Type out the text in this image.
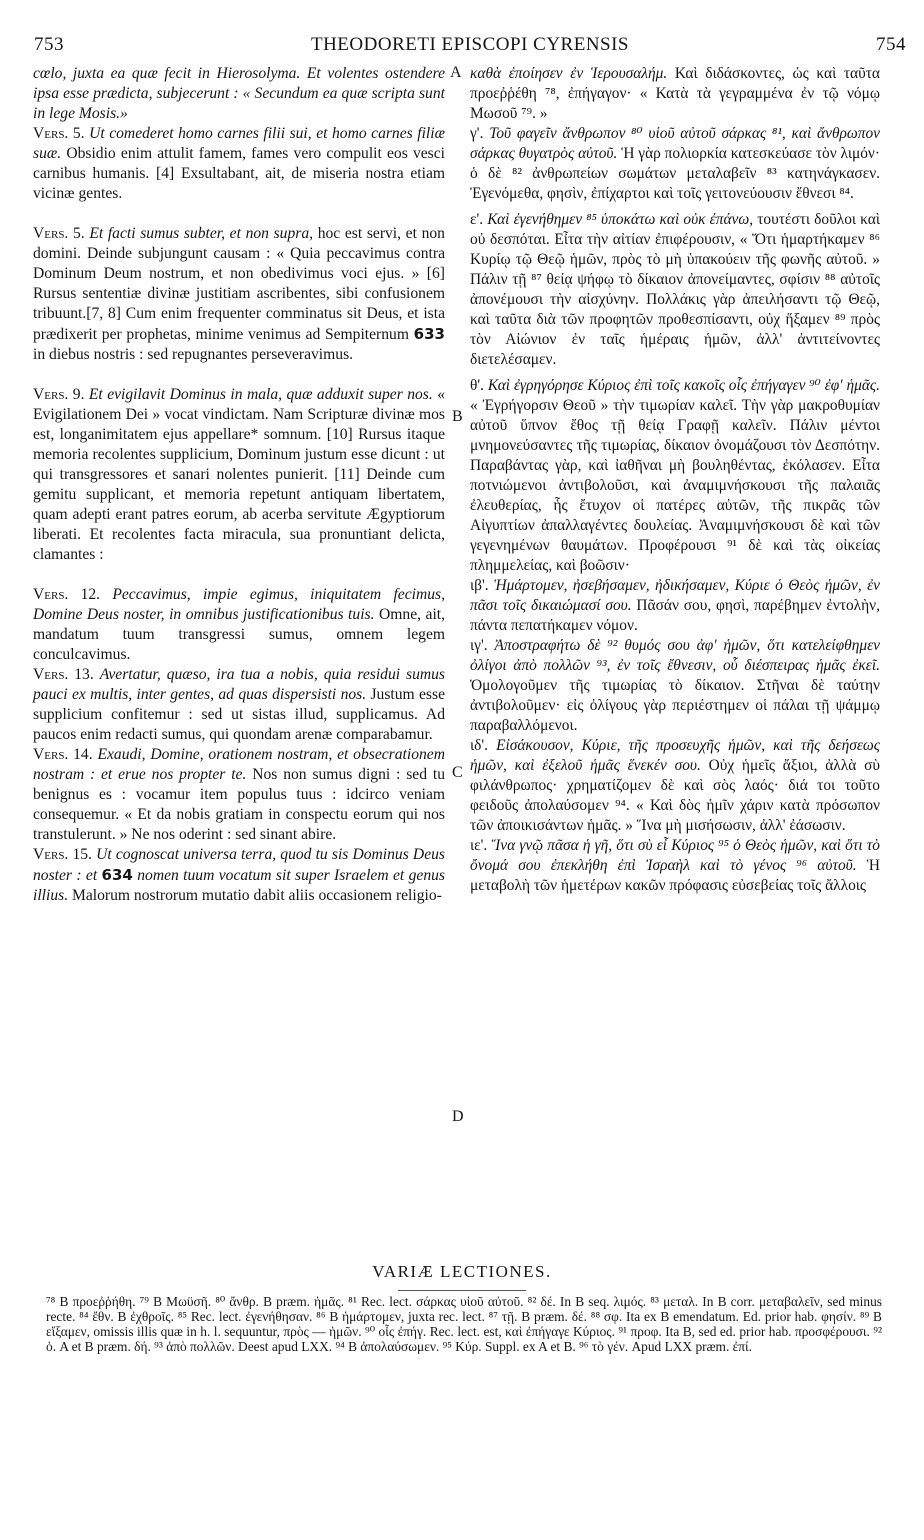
753	THEODORETI EPISCOPI CYRENSIS	754
A
B
C
D

cœlo, juxta ea quæ fecit in Hierosolyma. Et volentes ostendere ipsa esse prædicta, subjecerunt : « Secundum ea quæ scripta sunt in lege Mosis.»

Vers. 5. Ut comederet homo carnes filii sui, et homo carnes filiæ suæ. Obsidio enim attulit famem, fames vero compulit eos vesci carnibus humanis. [4] Exsultabant, ait, de miseria nostra etiam vicinæ gentes.

Vers. 5. Et facti sumus subter, et non supra, hoc est servi, et non domini. Deinde subjungunt causam : « Quia peccavimus contra Dominum Deum nostrum, et non obedivimus voci ejus. » [6] Rursus sententiæ divinæ justitiam ascribentes, sibi confusionem tribuunt.[7, 8] Cum enim frequenter comminatus sit Deus, et ista prædixerit per prophetas, minime venimus ad Sempiternum 633 in diebus nostris : sed repugnantes perseveravimus.

Vers. 9. Et evigilavit Dominus in mala, quæ adduxit super nos. « Evigilationem Dei » vocat vindictam. Nam Scripturæ divinæ mos est, longanimitatem ejus appellare* somnum. [10] Rursus itaque memoria recolentes supplicium, Dominum justum esse dicunt : ut qui transgressores et sanari nolentes punierit. [11] Deinde cum gemitu supplicant, et memoria repetunt antiquam libertatem, quam adepti erant patres eorum, ab acerba servitute Ægyptiorum liberati. Et recolentes facta miracula, sua pronuntiant delicta, clamantes :

Vers. 12. Peccavimus, impie egimus, iniquitatem fecimus, Domine Deus noster, in omnibus justificationibus tuis. Omne, ait, mandatum tuum transgressi sumus, omnem legem conculcavimus.

Vers. 13. Avertatur, quæso, ira tua a nobis, quia residui sumus pauci ex multis, inter gentes, ad quas dispersisti nos. Justum esse supplicium confitemur : sed ut sistas illud, supplicamus. Ad paucos enim redacti sumus, qui quondam arenæ comparabamur.

Vers. 14. Exaudi, Domine, orationem nostram, et obsecrationem nostram : et erue nos propter te. Nos non sumus digni : sed tu benignus es : vocamur item populus tuus : idcirco veniam consequemur. « Et da nobis gratiam in conspectu eorum qui nos transtulerunt. » Ne nos oderint : sed sinant abire.

Vers. 15. Ut cognoscat universa terra, quod tu sis Dominus Deus noster : et 634 nomen tuum vocatum sit super Israelem et genus illius. Malorum nostrorum mutatio dabit aliis occasionem religio-

καθὰ ἐποίησεν ἐν Ἱερουσαλήμ. Καὶ διδάσκοντες, ὡς καὶ ταῦτα προεῤῥέθη ⁷⁸, ἐπήγαγον· « Κατὰ τὰ γεγραμμένα ἐν τῷ νόμῳ Μωσοῦ ⁷⁹. »

γ'. Τοῦ φαγεῖν ἄνθρωπον ⁸⁰ υἱοῦ αὐτοῦ σάρκας ⁸¹, καὶ ἄνθρωπον σάρκας θυγατρὸς αὐτοῦ. Ἡ γὰρ πολιορκία κατεσκεύασε τὸν λιμόν· ὁ δὲ ⁸² ἀνθρωπείων σωμάτων μεταλαβεῖν ⁸³ κατηνάγκασεν. Ἐγενόμεθα, φησὶν, ἐπίχαρτοι καὶ τοῖς γειτονεύουσιν ἔθνεσι ⁸⁴.

ε'. Καὶ ἐγενήθημεν ⁸⁵ ὑποκάτω καὶ οὐκ ἐπάνω, τουτέστι δοῦλοι καὶ οὐ δεσπόται. Εἶτα τὴν αἰτίαν ἐπιφέρουσιν, « Ὅτι ἡμαρτήκαμεν ⁸⁶ Κυρίῳ τῷ Θεῷ ἡμῶν, πρὸς τὸ μὴ ὑπακούειν τῆς φωνῆς αὐτοῦ. » Πάλιν τῇ ⁸⁷ θείᾳ ψήφῳ τὸ δίκαιον ἀπονείμαντες, σφίσιν ⁸⁸ αὐτοῖς ἀπονέμουσι τὴν αἰσχύνην. Πολλάκις γὰρ ἀπειλήσαντι τῷ Θεῷ, καὶ ταῦτα διὰ τῶν προφητῶν προθεσπίσαντι, οὐχ ἥξαμεν ⁸⁹ πρὸς τὸν Αἰώνιον ἐν ταῖς ἡμέραις ἡμῶν, ἀλλ' ἀντιτείνοντες διετελέσαμεν.

θ'. Καὶ ἐγρηγόρησε Κύριος ἐπὶ τοῖς κακοῖς οἷς ἐπήγαγεν ⁹⁰ ἐφ' ἡμᾶς. « Ἐγρήγορσιν Θεοῦ » τὴν τιμωρίαν καλεῖ. Τὴν γὰρ μακροθυμίαν αὐτοῦ ὕπνον ἔθος τῇ θείᾳ Γραφῇ καλεῖν. Πάλιν μέντοι μνημονεύσαντες τῆς τιμωρίας, δίκαιον ὀνομάζουσι τὸν Δεσπότην. Παραβάντας γὰρ, καὶ ἰαθῆναι μὴ βουληθέντας, ἐκόλασεν. Εἶτα ποτνιώμενοι ἀντιβολοῦσι, καὶ ἀναμιμνήσκουσι τῆς παλαιᾶς ἐλευθερίας, ἧς ἔτυχον οἱ πατέρες αὐτῶν, τῆς πικρᾶς τῶν Αἰγυπτίων ἀπαλλαγέντες δουλείας. Ἀναμιμνήσκουσι δὲ καὶ τῶν γεγενημένων θαυμάτων. Προφέρουσι ⁹¹ δὲ καὶ τὰς οἰκείας πλημμελείας, καὶ βοῶσιν·

ιβ'. Ἡμάρτομεν, ἠσεβήσαμεν, ἠδικήσαμεν, Κύριε ὁ Θεὸς ἡμῶν, ἐν πᾶσι τοῖς δικαιώμασί σου. Πᾶσάν σου, φησὶ, παρέβημεν ἐντολὴν, πάντα πεπατήκαμεν νόμον.

ιγ'. Ἀποστραφήτω δὲ ⁹² θυμός σου ἀφ' ἡμῶν, ὅτι κατελείφθημεν ὀλίγοι ἀπὸ πολλῶν ⁹³, ἐν τοῖς ἔθνεσιν, οὗ διέσπειρας ἡμᾶς ἐκεῖ. Ὁμολογοῦμεν τῆς τιμωρίας τὸ δίκαιον. Στῆναι δὲ ταύτην ἀντιβολοῦμεν· εἰς ὀλίγους γὰρ περιέστημεν οἱ πάλαι τῇ ψάμμῳ παραβαλλόμενοι.

ιδ'. Εἰσάκουσον, Κύριε, τῆς προσευχῆς ἡμῶν, καὶ τῆς δεήσεως ἡμῶν, καὶ ἐξελοῦ ἡμᾶς ἕνεκέν σου. Οὐχ ἡμεῖς ἄξιοι, ἀλλὰ σὺ φιλάνθρωπος· χρηματίζομεν δὲ καὶ σὸς λαός· διά τοι τοῦτο φειδοῦς ἀπολαύσομεν ⁹⁴. « Καὶ δὸς ἡμῖν χάριν κατὰ πρόσωπον τῶν ἀποικισάντων ἡμᾶς. » Ἵνα μὴ μισήσωσιν, ἀλλ' ἐάσωσιν.

ιε'. Ἵνα γνῷ πᾶσα ἡ γῆ, ὅτι σὺ εἶ Κύριος ⁹⁵ ὁ Θεὸς ἡμῶν, καὶ ὅτι τὸ ὄνομά σου ἐπεκλήθη ἐπὶ Ἰσραὴλ καὶ τὸ γένος ⁹⁶ αὐτοῦ. Ἡ μεταβολὴ τῶν ἡμετέρων κακῶν πρόφασις εὐσεβείας τοῖς ἄλλοις

VARIÆ LECTIONES.

⁷⁸ B προεῤῥήθη. ⁷⁹ B Μωϋσῆ. ⁸⁰ ἄνθρ. B præm. ἡμᾶς. ⁸¹ Rec. lect. σάρκας υἱοῦ αὐτοῦ. ⁸² δέ. In B seq. λιμός. ⁸³ μεταλ. In B corr. μεταβαλεῖν, sed minus recte. ⁸⁴ ἔθν. B ἐχθροῖς. ⁸⁵ Rec. lect. ἐγενήθησαν. ⁸⁶ B ἡμάρτομεν, juxta rec. lect. ⁸⁷ τῇ. B præm. δέ. ⁸⁸ σφ. Ita ex B emendatum. Ed. prior hab. φησίν. ⁸⁹ B εἴξαμεν, omissis illis quæ in h. l. sequuntur, πρὸς — ἡμῶν. ⁹⁰ οἷς ἐπήγ. Rec. lect. est, καὶ ἐπήγαγε Κύριος. ⁹¹ προφ. Ita B, sed ed. prior hab. προσφέρουσι. ⁹² ὁ. A et B præm. δή. ⁹³ ἀπὸ πολλῶν. Deest apud LXX. ⁹⁴ B ἀπολαύσωμεν. ⁹⁵ Κύρ. Suppl. ex A et B. ⁹⁶ τὸ γέν. Apud LXX præm. ἐπί.
